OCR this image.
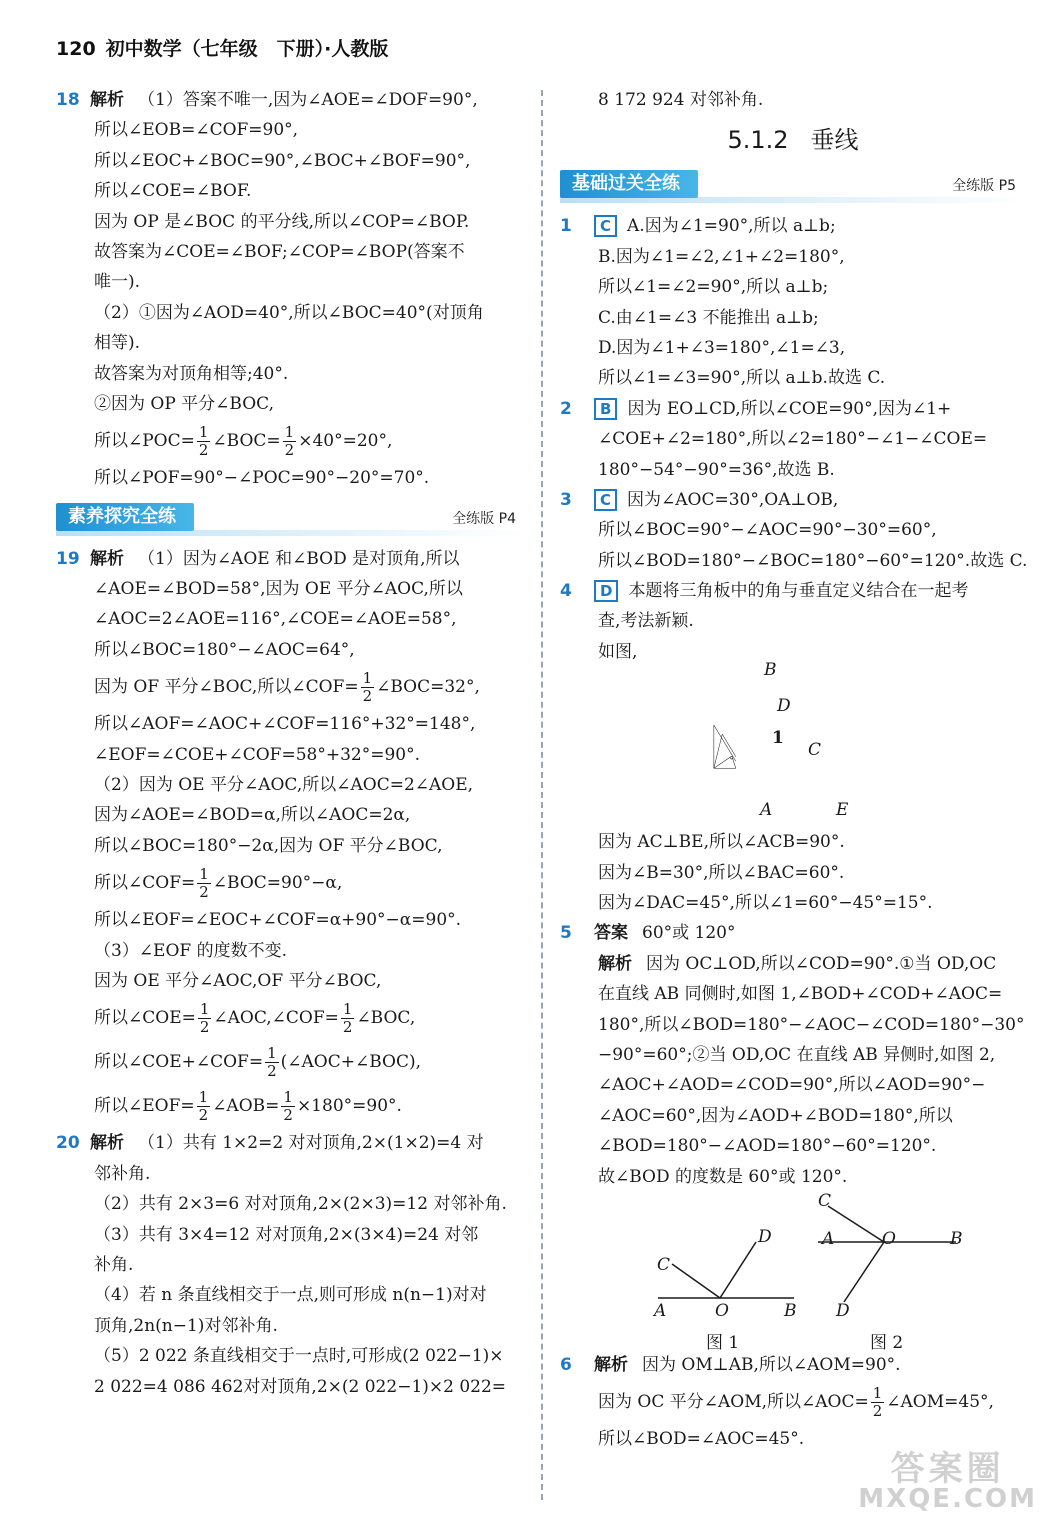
120 初中数学（七年级　下册）·人教版
18 解析 （1）答案不唯一,因为∠AOE=∠DOF=90°,
所以∠EOB=∠COF=90°,
所以∠EOC+∠BOC=90°,∠BOC+∠BOF=90°,
所以∠COE=∠BOF.
因为 OP 是∠BOC 的平分线,所以∠COP=∠BOP.
故答案为∠COE=∠BOF;∠COP=∠BOP(答案不
唯一).
（2）①因为∠AOD=40°,所以∠BOC=40°(对顶角
相等).
故答案为对顶角相等;40°.
②因为 OP 平分∠BOC,
所以∠POC= $\frac{1}{2}$ ∠BOC= $\frac{1}{2} \times 40^\circ=20^\circ$,
所以∠POF=90°−∠POC=90°−20°=70°.
素养探究全练	全练版 P4
19 解析 （1）因为∠AOE 和∠BOD 是对顶角,所以
∠AOE=∠BOD=58°,因为 OE 平分∠AOC,所以
∠AOC=2∠AOE=116°,∠COE=∠AOE=58°,
所以∠BOC=180°−∠AOC=64°,
因为 OF 平分∠BOC,所以∠COF= $\frac{1}{2}$ ∠BOC=32°,
所以∠AOF=∠AOC+∠COF=116°+32°=148°,
∠EOF=∠COE+∠COF=58°+32°=90°.
（2）因为 OE 平分∠AOC,所以∠AOC=2∠AOE,
因为∠AOE=∠BOD=α,所以∠AOC=2α,
所以∠BOC=180°−2α,因为 OF 平分∠BOC,
所以∠COF= $\frac{1}{2}$ ∠BOC=90°−α,
所以∠EOF=∠EOC+∠COF=α+90°−α=90°.
（3）∠EOF 的度数不变.
因为 OE 平分∠AOC,OF 平分∠BOC,
所以∠COE= $\frac{1}{2}$ ∠AOC,∠COF= $\frac{1}{2}$ ∠BOC,
所以∠COE+∠COF= $\frac{1}{2}$ (∠AOC+∠BOC),
所以∠EOF= $\frac{1}{2}$ ∠AOB= $\frac{1}{2} \times 180^\circ=90^\circ$.
20 解析 （1）共有 1×2=2 对对顶角,2×(1×2)=4 对
邻补角.
（2）共有 2×3=6 对对顶角,2×(2×3)=12 对邻补角.
（3）共有 3×4=12 对对顶角,2×(3×4)=24 对邻
补角.
（4）若 n 条直线相交于一点,则可形成 n(n−1)对对
顶角,2n(n−1)对邻补角.
（5）2 022 条直线相交于一点时,可形成(2 022−1)×
2 022=4 086 462对对顶角,2×(2 022−1)×2 022=
8 172 924 对邻补角.
5.1.2 垂线
基础过关全练	全练版 P5
1 C A.因为∠1=90°,所以 a⊥b;
B.因为∠1=∠2,∠1+∠2=180°,
所以∠1=∠2=90°,所以 a⊥b;
C.由∠1=∠3 不能推出 a⊥b;
D.因为∠1+∠3=180°,∠1=∠3,
所以∠1=∠3=90°,所以 a⊥b.故选 C.
2 B 因为 EO⊥CD,所以∠COE=90°,因为∠1+
∠COE+∠2=180°,所以∠2=180°−∠1−∠COE=
180°−54°−90°=36°,故选 B.
3 C 因为∠AOC=30°,OA⊥OB,
所以∠BOC=90°−∠AOC=90°−30°=60°,
所以∠BOD=180°−∠BOC=180°−60°=120°.故选 C.
4 D 本题将三角板中的角与垂直定义结合在一起考
查,考法新颖.
如图,
B
D
1
C
A	E
因为 AC⊥BE,所以∠ACB=90°.
因为∠B=30°,所以∠BAC=60°.
因为∠DAC=45°,所以∠1=60°−45°=15°.
5 答案 60°或 120°
解析 因为 OC⊥OD,所以∠COD=90°.①当 OD,OC
在直线 AB 同侧时,如图 1,∠BOD+∠COD+∠AOC=
180°,所以∠BOD=180°−∠AOC−∠COD=180°−30°
−90°=60°;②当 OD,OC 在直线 AB 异侧时,如图 2,
∠AOC+∠AOD=∠COD=90°,所以∠AOD=90°−
∠AOC=60°,因为∠AOD+∠BOD=180°,所以
∠BOD=180°−∠AOD=180°−60°=120°.
故∠BOD 的度数是 60°或 120°.
C
D
A	O	B
图 1
C
A	O	B
D
图 2
6 解析 因为 OM⊥AB,所以∠AOM=90°.
因为 OC 平分∠AOM,所以∠AOC= $\frac{1}{2}$ ∠AOM=45°,
所以∠BOD=∠AOC=45°.
答案圈
MXQE.COM
